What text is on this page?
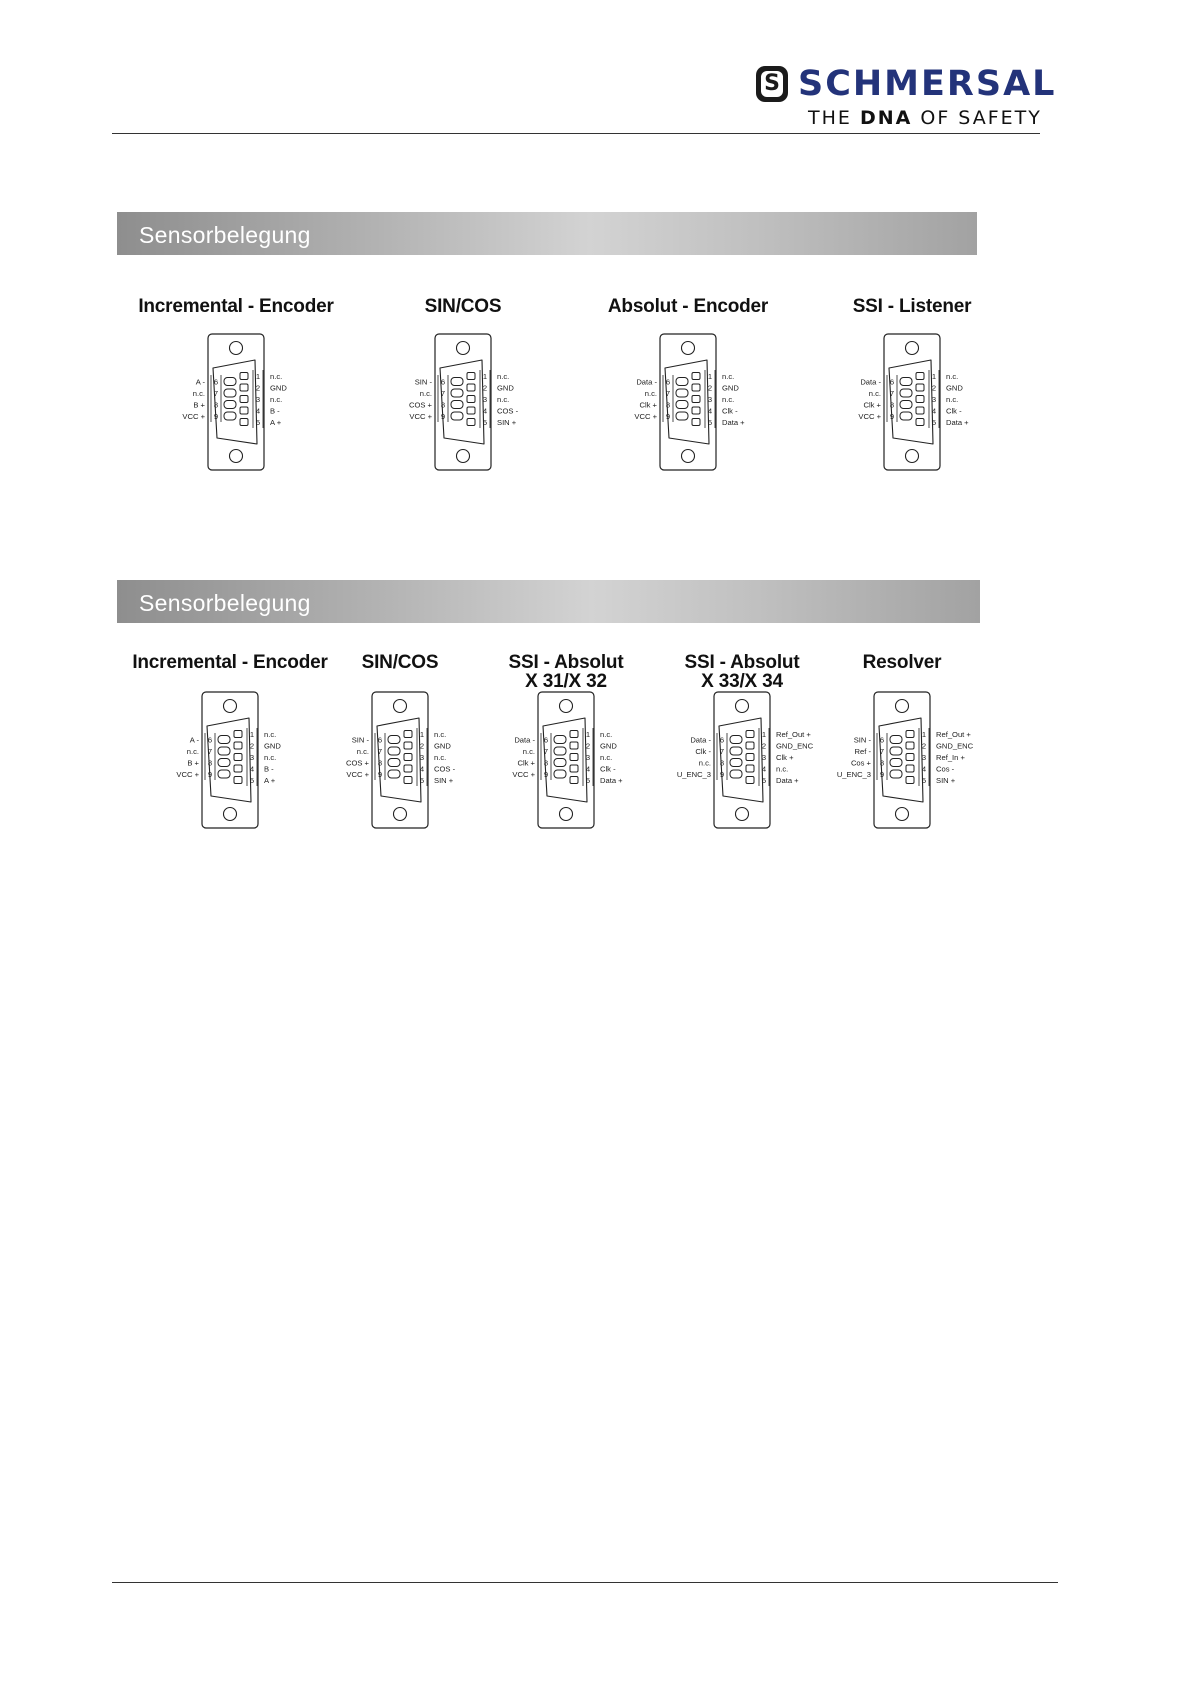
S SCHMERSAL
THE DNA OF SAFETY
Sensorbelegung
Incremental - Encoder
1 n.c.
2 GND
3 n.c.
4 B -
5 A +
6
A -
7
n.c.
8
B +
9
VCC +
SIN/COS
1 n.c.
2 GND
3 n.c.
4 COS -
5 SIN +
6
SIN -
7
n.c.
8
COS +
9
VCC +
Absolut - Encoder
1 n.c.
2 GND
3 n.c.
4 Clk -
5 Data +
6
Data -
7
n.c.
8
Clk +
9
VCC +
SSI - Listener
1 n.c.
2 GND
3 n.c.
4 Clk -
5 Data +
6
Data -
7
n.c.
8
Clk +
9
VCC +
Sensorbelegung
Incremental - Encoder
1 n.c.
2 GND
3 n.c.
4 B -
5 A +
6
A -
7
n.c.
8
B +
9
VCC +
SIN/COS
1 n.c.
2 GND
3 n.c.
4 COS -
5 SIN +
6
SIN -
7
n.c.
8
COS +
9
VCC +
SSI - Absolut
X 31/X 32
1 n.c.
2 GND
3 n.c.
4 Clk -
5 Data +
6
Data -
7
n.c.
8
Clk +
9
VCC +
SSI - Absolut
X 33/X 34
1 Ref_Out +
2 GND_ENC
3 Clk +
4 n.c.
5 Data +
6
Data -
7
Clk -
8
n.c.
9
U_ENC_3
Resolver
1 Ref_Out +
2 GND_ENC
3 Ref_In +
4 Cos -
5 SIN +
6
SIN -
7
Ref -
8
Cos +
9
U_ENC_3
